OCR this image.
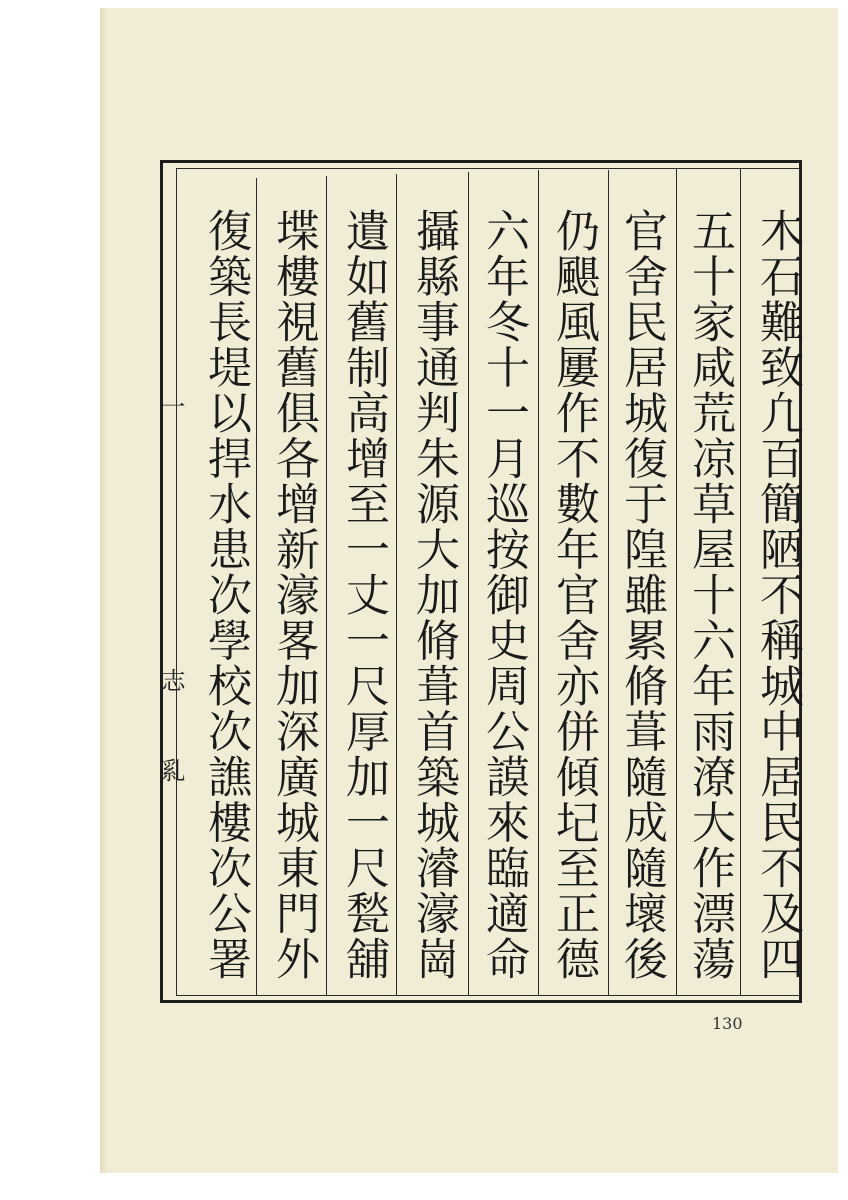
木石難致凢百簡陋不稱城中居民不及四
五十家咸荒凉草屋十六年雨潦大作漂蕩
官舍民居城復于隍雖累脩葺隨成隨壞後
仍颶風屢作不數年官舍亦併傾圮至正德
六年冬十一月巡按御史周公謨來臨適命
攝縣事通判朱源大加脩葺首築城濬濠崗
遺如舊制高增至一丈一尺厚加一尺甃舖
堞樓視舊俱各增新濠畧加深廣城東門外
復築長堤以捍水患次學校次譙樓次公署
⼀
志
乿
130
